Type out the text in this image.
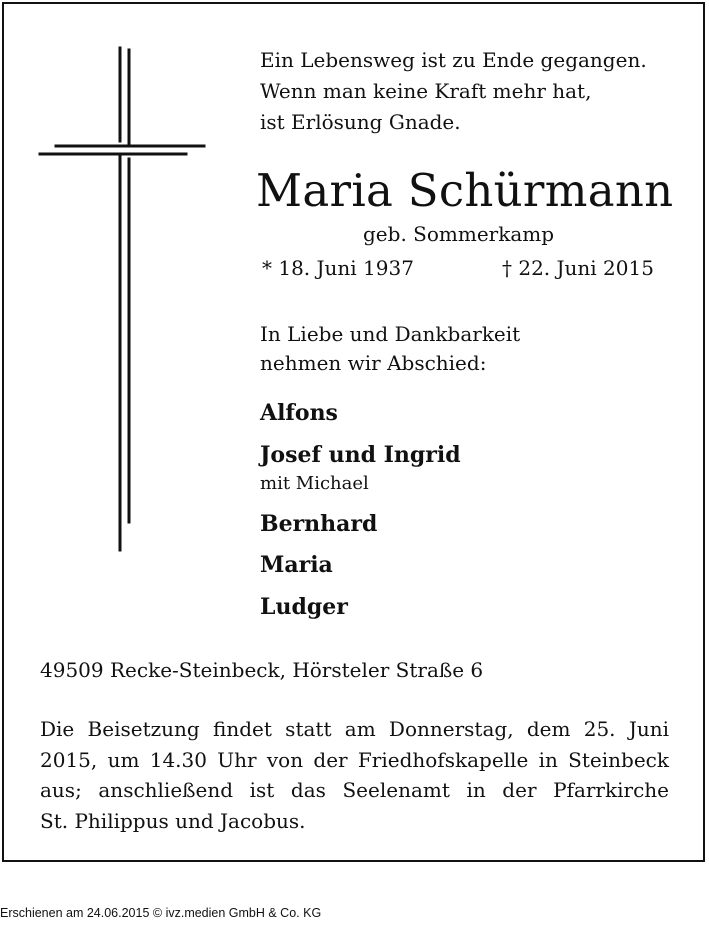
Ein Lebensweg ist zu Ende gegangen.
Wenn man keine Kraft mehr hat,
ist Erlösung Gnade.
Maria Schürmann
geb. Sommerkamp
* 18. Juni 1937	† 22. Juni 2015
In Liebe und Dankbarkeit
nehmen wir Abschied:
Alfons
Josef und Ingrid
mit Michael
Bernhard
Maria
Ludger
49509 Recke-Steinbeck, Hörsteler Straße 6
Die Beisetzung findet statt am Donnerstag, dem 25. Juni
2015, um 14.30 Uhr von der Friedhofskapelle in Steinbeck
aus; anschließend ist das Seelenamt in der Pfarrkirche
St. Philippus und Jacobus.
Erschienen am 24.06.2015 © ivz.medien GmbH & Co. KG
